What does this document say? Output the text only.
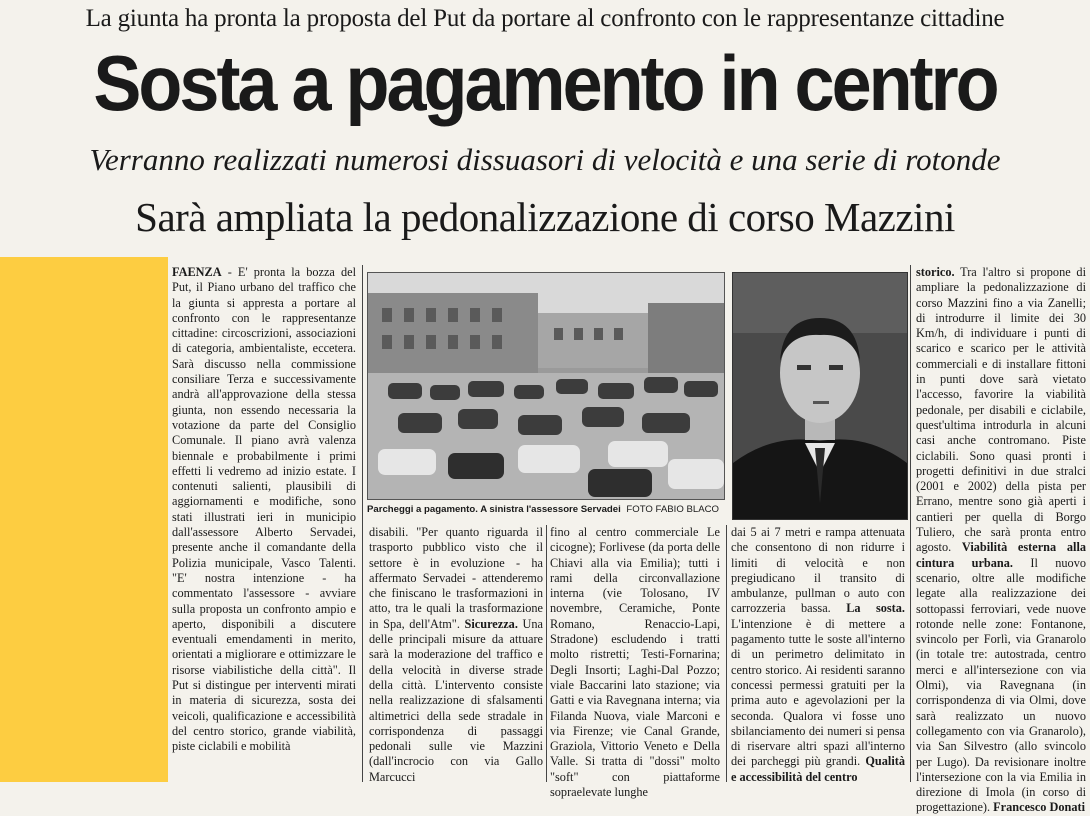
La giunta ha pronta la proposta del Put da portare al confronto con le rappresentanze cittadine
Sosta a pagamento in centro
Verranno realizzati numerosi dissuasori di velocità e una serie di rotonde
Sarà ampliata la pedonalizzazione di corso Mazzini
FAENZA - E' pronta la bozza del Put, il Piano urbano del traffico che la giunta si appresta a portare al confronto con le rappresentanze cittadine: circoscrizioni, associazioni di categoria, ambientaliste, eccetera. Sarà discusso nella commissione consiliare Terza e successivamente andrà all'approvazione della stessa giunta, non essendo necessaria la votazione da parte del Consiglio Comunale. Il piano avrà valenza biennale e probabilmente i primi effetti li vedremo ad inizio estate. I contenuti salienti, plausibili di aggiornamenti e modifiche, sono stati illustrati ieri in municipio dall'assessore Alberto Servadei, presente anche il comandante della Polizia municipale, Vasco Talenti. "E' nostra intenzione - ha commentato l'assessore - avviare sulla proposta un confronto ampio e aperto, disponibili a discutere eventuali emendamenti in merito, orientati a migliorare e ottimizzare le risorse viabilistiche della città". Il Put si distingue per interventi mirati in materia di sicurezza, sosta dei veicoli, qualificazione e accessibilità del centro storico, grande viabilità, piste ciclabili e mobilità
Parcheggi a pagamento. A sinistra l'assessore Servadei FOTO FABIO BLACO
disabili. "Per quanto riguarda il trasporto pubblico visto che il settore è in evoluzione - ha affermato Servadei - attenderemo che finiscano le trasformazioni in atto, tra le quali la trasformazione in Spa, dell'Atm". Sicurezza. Una delle principali misure da attuare sarà la moderazione del traffico e della velocità in diverse strade della città. L'intervento consiste nella realizzazione di sfalsamenti altimetrici della sede stradale in corrispondenza di passaggi pedonali sulle vie Mazzini (dall'incrocio con via Gallo Marcucci
fino al centro commerciale Le cicogne); Forlivese (da porta delle Chiavi alla via Emilia); tutti i rami della circonvallazione interna (vie Tolosano, IV novembre, Ceramiche, Ponte Romano, Renaccio-Lapi, Stradone) escludendo i tratti molto ristretti; Testi-Fornarina; Degli Insorti; Laghi-Dal Pozzo; viale Baccarini lato stazione; via Gatti e via Ravegnana interna; via Filanda Nuova, viale Marconi e via Firenze; vie Canal Grande, Graziola, Vittorio Veneto e Della Valle. Si tratta di "dossi" molto "soft" con piattaforme sopraelevate lunghe
dai 5 ai 7 metri e rampa attenuata che consentono di non ridurre i limiti di velocità e non pregiudicano il transito di ambulanze, pullman o auto con carrozzeria bassa. La sosta. L'intenzione è di mettere a pagamento tutte le soste all'interno di un perimetro delimitato in centro storico. Ai residenti saranno concessi permessi gratuiti per la prima auto e agevolazioni per la seconda. Qualora vi fosse uno sbilanciamento dei numeri si pensa di riservare altri spazi all'interno dei parcheggi più grandi. Qualità e accessibilità del centro
storico. Tra l'altro si propone di ampliare la pedonalizzazione di corso Mazzini fino a via Zanelli; di introdurre il limite dei 30 Km/h, di individuare i punti di scarico e scarico per le attività commerciali e di installare fittoni in punti dove sarà vietato l'accesso, favorire la viabilità pedonale, per disabili e ciclabile, quest'ultima introdurla in alcuni casi anche contromano. Piste ciclabili. Sono quasi pronti i progetti definitivi in due stralci (2001 e 2002) della pista per Errano, mentre sono già aperti i cantieri per quella di Borgo Tuliero, che sarà pronta entro agosto. Viabilità esterna alla cintura urbana. Il nuovo scenario, oltre alle modifiche legate alla realizzazione dei sottopassi ferroviari, vede nuove rotonde nelle zone: Fontanone, svincolo per Forlì, via Granarolo (in totale tre: autostrada, centro merci e all'intersezione con via Olmi), via Ravegnana (in corrispondenza di via Olmi, dove sarà realizzato un nuovo collegamento con via Granarolo), via San Silvestro (allo svincolo per Lugo). Da revisionare inoltre l'intersezione con la via Emilia in direzione di Imola (in corso di progettazione). Francesco Donati
